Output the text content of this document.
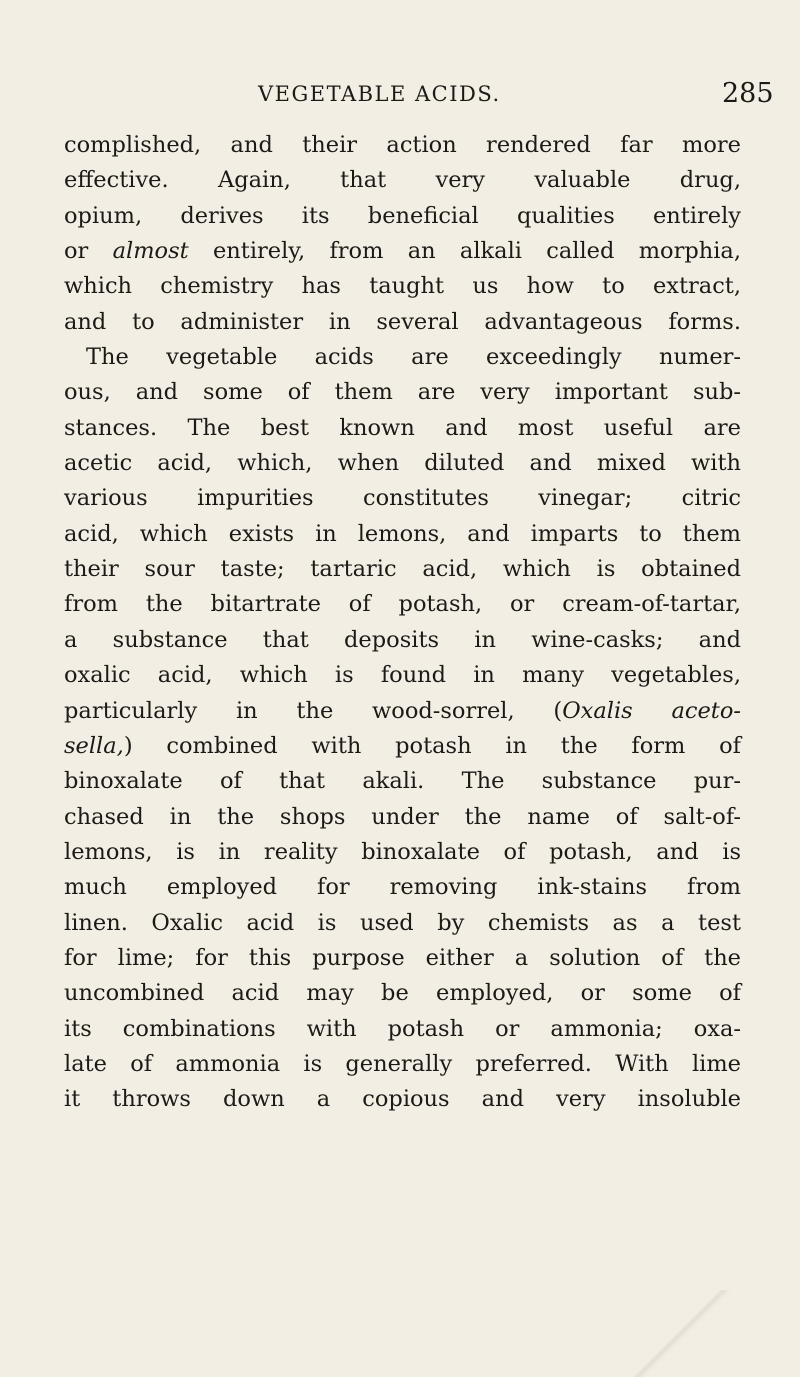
VEGETABLE ACIDS.	285
complished, and their action rendered far more
effective. Again, that very valuable drug,
opium, derives its beneficial qualities entirely
or almost entirely, from an alkali called morphia,
which chemistry has taught us how to extract,
and to administer in several advantageous forms.
The vegetable acids are exceedingly numer-
ous, and some of them are very important sub-
stances. The best known and most useful are
acetic acid, which, when diluted and mixed with
various impurities constitutes vinegar; citric
acid, which exists in lemons, and imparts to them
their sour taste; tartaric acid, which is obtained
from the bitartrate of potash, or cream-of-tartar,
a substance that deposits in wine-casks; and
oxalic acid, which is found in many vegetables,
particularly in the wood-sorrel, (Oxalis aceto-
sella,) combined with potash in the form of
binoxalate of that akali. The substance pur-
chased in the shops under the name of salt-of-
lemons, is in reality binoxalate of potash, and is
much employed for removing ink-stains from
linen. Oxalic acid is used by chemists as a test
for lime; for this purpose either a solution of the
uncombined acid may be employed, or some of
its combinations with potash or ammonia; oxa-
late of ammonia is generally preferred. With lime
it throws down a copious and very insoluble
